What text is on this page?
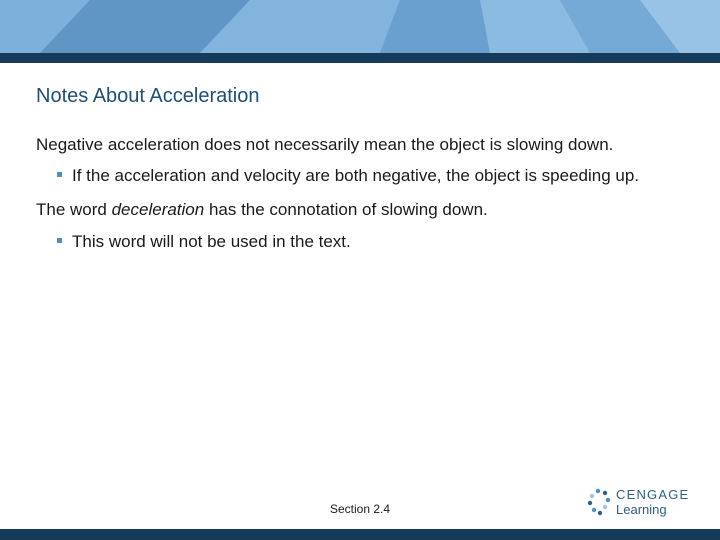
Notes About Acceleration
Negative acceleration does not necessarily mean the object is slowing down.
If the acceleration and velocity are both negative, the object is speeding up.
The word deceleration has the connotation of slowing down.
This word will not be used in the text.
Section 2.4
CENGAGE
Learning
